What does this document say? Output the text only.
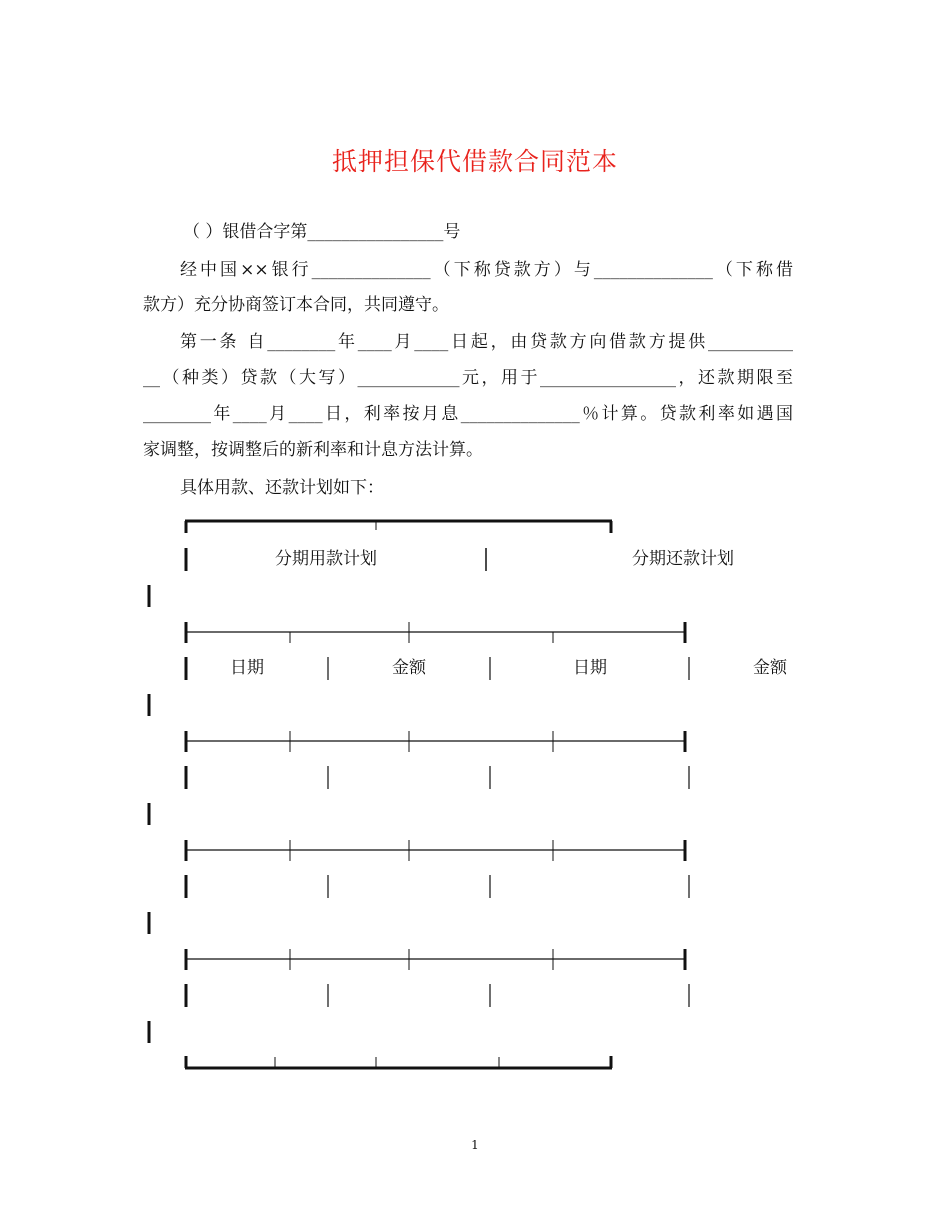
抵押担保代借款合同范本
（ ）银借合字第________________号
经中国××银行______________（下称贷款方）与______________（下称借
款方）充分协商签订本合同，共同遵守。
第一条 自________年____月____日起，由贷款方向借款方提供__________
__（种类）贷款（大写）____________元，用于________________，还款期限至
________年____月____日，利率按月息______________％计算。贷款利率如遇国
家调整，按调整后的新利率和计息方法计算。
具体用款、还款计划如下：
分期用款计划	分期还款计划
日期	金额	日期	金额
1
